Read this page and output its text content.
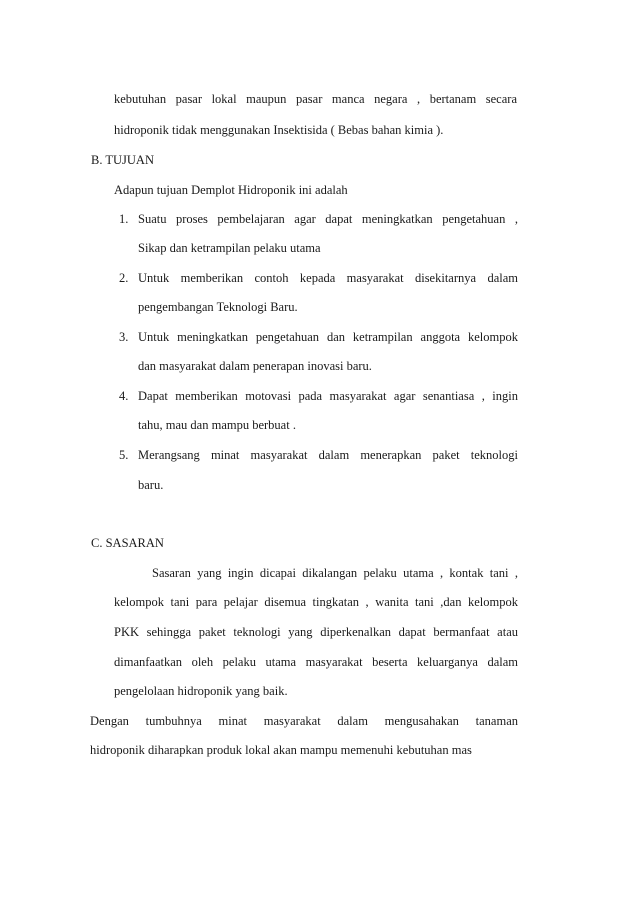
kebutuhan pasar lokal maupun pasar manca negara , bertanam secara
hidroponik tidak menggunakan Insektisida ( Bebas bahan kimia ).
B. TUJUAN
Adapun tujuan Demplot Hidroponik ini adalah
1. Suatu proses pembelajaran agar dapat meningkatkan pengetahuan ,
Sikap dan ketrampilan pelaku utama
2. Untuk memberikan contoh kepada masyarakat disekitarnya dalam
pengembangan Teknologi Baru.
3. Untuk meningkatkan pengetahuan dan ketrampilan anggota kelompok
dan masyarakat dalam penerapan inovasi baru.
4. Dapat memberikan motovasi pada masyarakat agar senantiasa , ingin
tahu, mau dan mampu berbuat .
5. Merangsang minat masyarakat dalam menerapkan paket teknologi
baru.
C. SASARAN
Sasaran yang ingin dicapai dikalangan pelaku utama , kontak tani ,
kelompok tani para pelajar disemua tingkatan , wanita tani ,dan kelompok
PKK sehingga paket teknologi yang diperkenalkan dapat bermanfaat atau
dimanfaatkan oleh pelaku utama masyarakat beserta keluarganya dalam
pengelolaan hidroponik yang baik.
Dengan tumbuhnya minat masyarakat dalam mengusahakan tanaman
hidroponik diharapkan produk lokal akan mampu memenuhi kebutuhan mas
